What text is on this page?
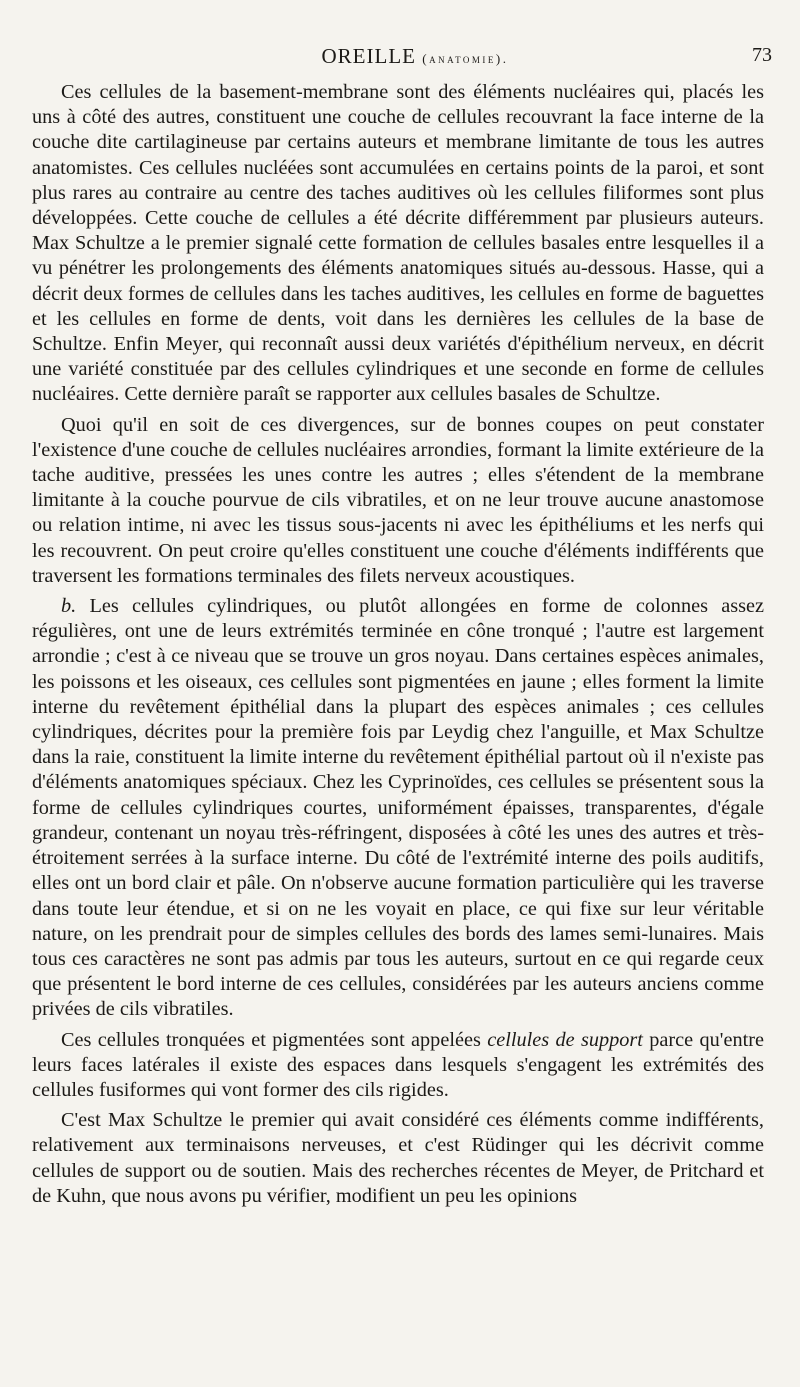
OREILLE (anatomie).	73

Ces cellules de la basement-membrane sont des éléments nucléaires qui, placés les uns à côté des autres, constituent une couche de cellules recouvrant la face interne de la couche dite cartilagineuse par certains auteurs et membrane limitante de tous les autres anatomistes. Ces cellules nucléées sont accumulées en certains points de la paroi, et sont plus rares au contraire au centre des taches auditives où les cellules filiformes sont plus développées. Cette couche de cellules a été décrite différemment par plusieurs auteurs. Max Schultze a le premier signalé cette formation de cellules basales entre lesquelles il a vu pénétrer les prolongements des éléments anatomiques situés au-dessous. Hasse, qui a décrit deux formes de cellules dans les taches auditives, les cellules en forme de baguettes et les cellules en forme de dents, voit dans les dernières les cellules de la base de Schultze. Enfin Meyer, qui reconnaît aussi deux variétés d'épithélium nerveux, en décrit une variété constituée par des cellules cylindriques et une seconde en forme de cellules nucléaires. Cette dernière paraît se rapporter aux cellules basales de Schultze.

Quoi qu'il en soit de ces divergences, sur de bonnes coupes on peut constater l'existence d'une couche de cellules nucléaires arrondies, formant la limite extérieure de la tache auditive, pressées les unes contre les autres ; elles s'étendent de la membrane limitante à la couche pourvue de cils vibratiles, et on ne leur trouve aucune anastomose ou relation intime, ni avec les tissus sous-jacents ni avec les épithéliums et les nerfs qui les recouvrent. On peut croire qu'elles constituent une couche d'éléments indifférents que traversent les formations terminales des filets nerveux acoustiques.

b. Les cellules cylindriques, ou plutôt allongées en forme de colonnes assez régulières, ont une de leurs extrémités terminée en cône tronqué ; l'autre est largement arrondie ; c'est à ce niveau que se trouve un gros noyau. Dans certaines espèces animales, les poissons et les oiseaux, ces cellules sont pigmentées en jaune ; elles forment la limite interne du revêtement épithélial dans la plupart des espèces animales ; ces cellules cylindriques, décrites pour la première fois par Leydig chez l'anguille, et Max Schultze dans la raie, constituent la limite interne du revêtement épithélial partout où il n'existe pas d'éléments anatomiques spéciaux. Chez les Cyprinoïdes, ces cellules se présentent sous la forme de cellules cylindriques courtes, uniformément épaisses, transparentes, d'égale grandeur, contenant un noyau très-réfringent, disposées à côté les unes des autres et très-étroitement serrées à la surface interne. Du côté de l'extrémité interne des poils auditifs, elles ont un bord clair et pâle. On n'observe aucune formation particulière qui les traverse dans toute leur étendue, et si on ne les voyait en place, ce qui fixe sur leur véritable nature, on les prendrait pour de simples cellules des bords des lames semi-lunaires. Mais tous ces caractères ne sont pas admis par tous les auteurs, surtout en ce qui regarde ceux que présentent le bord interne de ces cellules, considérées par les auteurs anciens comme privées de cils vibratiles.

Ces cellules tronquées et pigmentées sont appelées cellules de support parce qu'entre leurs faces latérales il existe des espaces dans lesquels s'engagent les extrémités des cellules fusiformes qui vont former des cils rigides.

C'est Max Schultze le premier qui avait considéré ces éléments comme indifférents, relativement aux terminaisons nerveuses, et c'est Rüdinger qui les décrivit comme cellules de support ou de soutien. Mais des recherches récentes de Meyer, de Pritchard et de Kuhn, que nous avons pu vérifier, modifient un peu les opinions
